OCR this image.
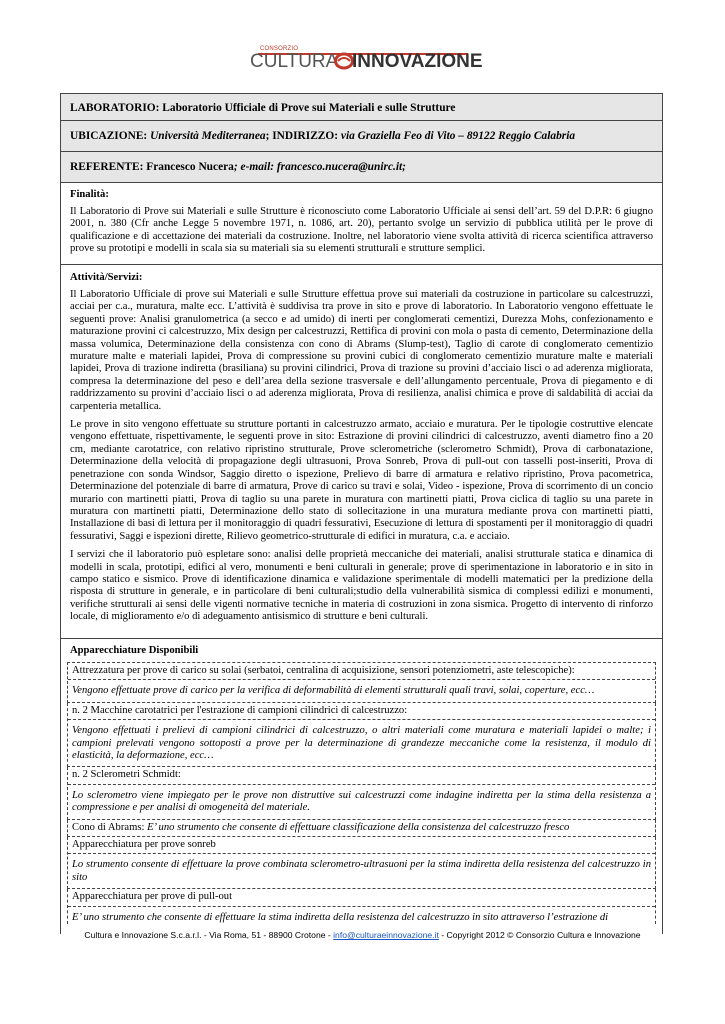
CONSORZIO
CULTURA INNOVAZIONE
LABORATORIO: Laboratorio Ufficiale di Prove sui Materiali e sulle Strutture
UBICAZIONE: Università Mediterranea; INDIRIZZO: via Graziella Feo di Vito – 89122 Reggio Calabria
REFERENTE: Francesco Nucera; e-mail: francesco.nucera@unirc.it;
Finalità:

Il Laboratorio di Prove sui Materiali e sulle Strutture è riconosciuto come Laboratorio Ufficiale ai sensi dell’art. 59 del D.P.R: 6 giugno 2001, n. 380 (Cfr anche Legge 5 novembre 1971, n. 1086, art. 20), pertanto svolge un servizio di pubblica utilità per le prove di qualificazione e di accettazione dei materiali da costruzione. Inoltre, nel laboratorio viene svolta attività di ricerca scientifica attraverso prove su prototipi e modelli in scala sia su materiali sia su elementi strutturali e strutture semplici.

Attività/Servizi:

Il Laboratorio Ufficiale di prove sui Materiali e sulle Strutture effettua prove sui materiali da costruzione in particolare su calcestruzzi, acciai per c.a., muratura, malte ecc. L’attività è suddivisa tra prove in sito e prove di laboratorio. In Laboratorio vengono effettuate le seguenti prove: Analisi granulometrica (a secco e ad umido) di inerti per conglomerati cementizi, Durezza Mohs, confezionamento e maturazione provini ci calcestruzzo, Mix design per calcestruzzi, Rettifica di provini con mola o pasta di cemento, Determinazione della massa volumica, Determinazione della consistenza con cono di Abrams (Slump-test), Taglio di carote di conglomerato cementizio murature malte e materiali lapidei, Prova di compressione su provini cubici di conglomerato cementizio murature malte e materiali lapidei, Prova di trazione indiretta (brasiliana) su provini cilindrici, Prova di trazione su provini d’acciaio lisci o ad aderenza migliorata, compresa la determinazione del peso e dell’area della sezione trasversale e dell’allungamento percentuale, Prova di piegamento e di raddrizzamento su provini d’acciaio lisci o ad aderenza migliorata, Prova di resilienza, analisi chimica e prove di saldabilità di acciai da carpenteria metallica.

Le prove in sito vengono effettuate su strutture portanti in calcestruzzo armato, acciaio e muratura. Per le tipologie costruttive elencate vengono effettuate, rispettivamente, le seguenti prove in sito: Estrazione di provini cilindrici di calcestruzzo, aventi diametro fino a 20 cm, mediante carotatrice, con relativo ripristino strutturale, Prove sclerometriche (sclerometro Schmidt), Prova di carbonatazione, Determinazione della velocità di propagazione degli ultrasuoni, Prova Sonreb, Prova di pull-out con tasselli post-inseriti, Prova di penetrazione con sonda Windsor, Saggio diretto o ispezione, Prelievo di barre di armatura e relativo ripristino, Prova pacometrica, Determinazione del potenziale di barre di armatura, Prove di carico su travi e solai, Video - ispezione, Prova di scorrimento di un concio murario con martinetti piatti, Prova di taglio su una parete in muratura con martinetti piatti, Prova ciclica di taglio su una parete in muratura con martinetti piatti, Determinazione dello stato di sollecitazione in una muratura mediante prova con martinetti piatti, Installazione di basi di lettura per il monitoraggio di quadri fessurativi, Esecuzione di lettura di spostamenti per il monitoraggio di quadri fessurativi, Saggi e ispezioni dirette, Rilievo geometrico-strutturale di edifici in muratura, c.a. e acciaio.

I servizi che il laboratorio può espletare sono: analisi delle proprietà meccaniche dei materiali, analisi strutturale statica e dinamica di modelli in scala, prototipi, edifici al vero, monumenti e beni culturali in generale; prove di sperimentazione in laboratorio e in sito in campo statico e sismico. Prove di identificazione dinamica e validazione sperimentale di modelli matematici per la predizione della risposta di strutture in generale, e in particolare di beni culturali;studio della vulnerabilità sismica di complessi edilizi e monumenti, verifiche strutturali ai sensi delle vigenti normative tecniche in materia di costruzioni in zona sismica. Progetto di intervento di rinforzo locale, di miglioramento e/o di adeguamento antisismico di strutture e beni culturali.

Apparecchiature Disponibili
Attrezzatura per prove di carico su solai (serbatoi, centralina di acquisizione, sensori potenziometri, aste telescopiche):
Vengono effettuate prove di carico per la verifica di deformabilità di elementi strutturali quali travi, solai, coperture, ecc…
n. 2 Macchine carotatrici per l'estrazione di campioni cilindrici di calcestruzzo:
Vengono effettuati i prelievi di campioni cilindrici di calcestruzzo, o altri materiali come muratura e materiali lapidei o malte; i campioni prelevati vengono sottoposti a prove per la determinazione di grandezze meccaniche come la resistenza, il modulo di elasticità, la deformazione, ecc…
n. 2 Sclerometri Schmidt:
Lo sclerometro viene impiegato per le prove non distruttive sui calcestruzzi come indagine indiretta per la stima della resistenza a compressione e per analisi di omogeneità del materiale.
Cono di Abrams: E’ uno strumento che consente di effettuare classificazione della consistenza del calcestruzzo fresco
Apparecchiatura per prove sonreb
Lo strumento consente di effettuare la prove combinata sclerometro-ultrasuoni per la stima indiretta della resistenza del calcestruzzo in sito
Apparecchiatura per prove di pull-out
E’ uno strumento che consente di effettuare la stima indiretta della resistenza del calcestruzzo in sito attraverso l’estrazione di
Cultura e Innovazione S.c.a.r.l. - Via Roma, 51 - 88900 Crotone - info@culturaeinnovazione.it - Copyright 2012 © Consorzio Cultura e Innovazione
